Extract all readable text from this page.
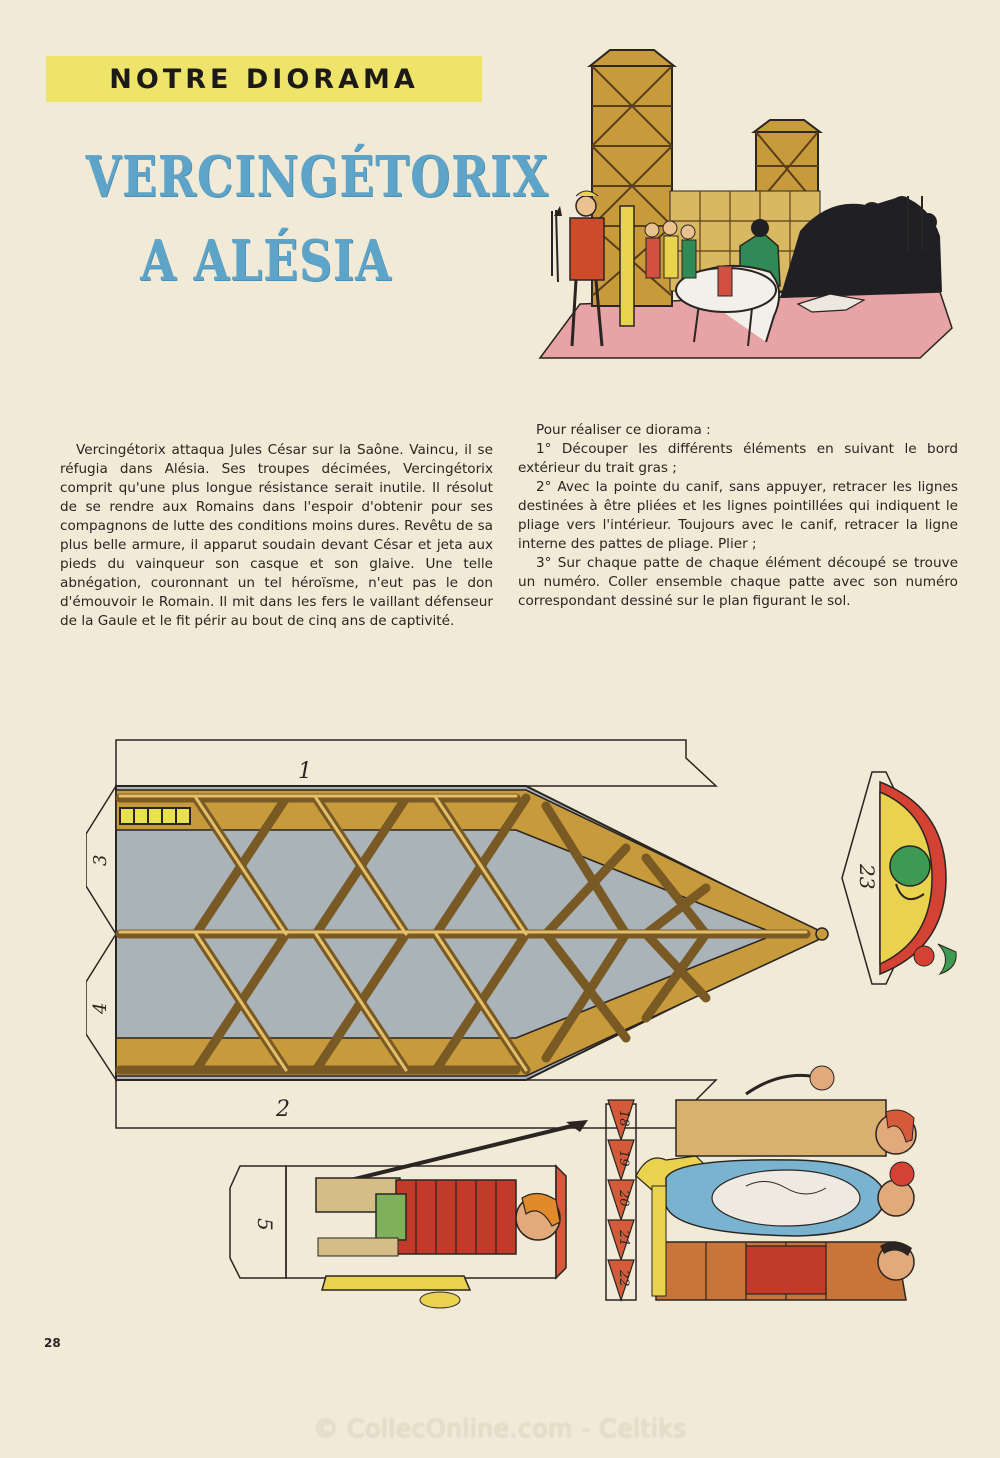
NOTRE DIORAMA
VERCINGÉTORIX
A ALÉSIA

Vercingétorix attaqua Jules César sur la Saône. Vaincu, il se réfugia dans Alésia. Ses troupes décimées, Vercingétorix comprit qu'une plus longue résistance serait inutile. Il résolut de se rendre aux Romains dans l'espoir d'obtenir pour ses compagnons de lutte des conditions moins dures. Revêtu de sa plus belle armure, il apparut soudain devant César et jeta aux pieds du vainqueur son casque et son glaive. Une telle abnégation, couronnant un tel héroïsme, n'eut pas le don d'émouvoir le Romain. Il mit dans les fers le vaillant défenseur de la Gaule et le fit périr au bout de cinq ans de captivité.

Pour réaliser ce diorama :

1° Découper les différents éléments en suivant le bord extérieur du trait gras ;

2° Avec la pointe du canif, sans appuyer, retracer les lignes destinées à être pliées et les lignes pointillées qui indiquent le pliage vers l'intérieur. Toujours avec le canif, retracer la ligne interne des pattes de pliage. Plier ;

3° Sur chaque patte de chaque élément découpé se trouve un numéro. Coller ensemble chaque patte avec son numéro correspondant dessiné sur le plan figurant le sol.

1
2
3
4
23
5
18
19
20
21
22
28
© ColleсOnline.com - Celtiks
